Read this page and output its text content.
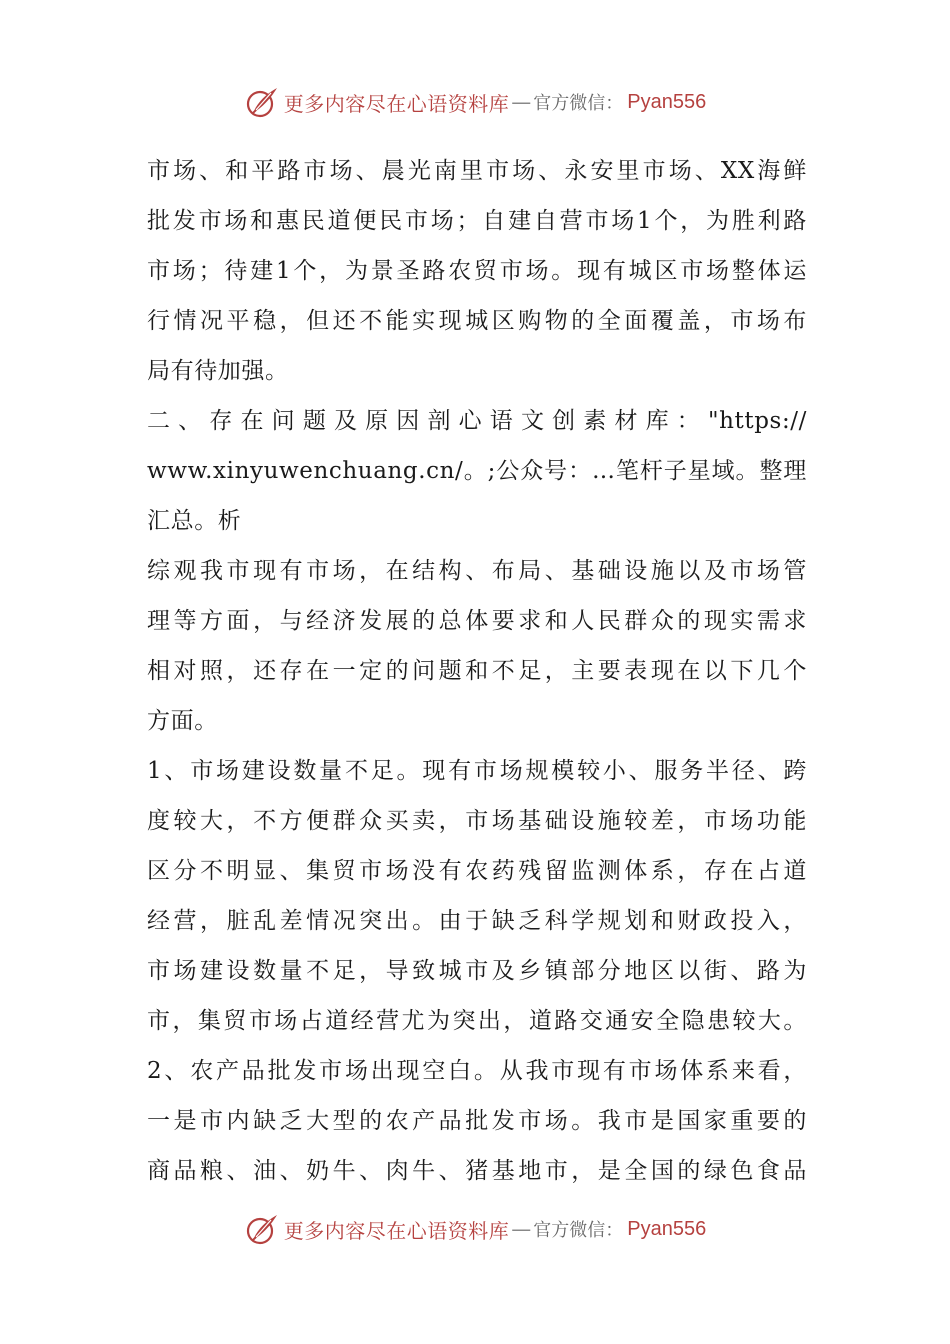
更多内容尽在心语资料库 — 官方微信： Pyan556
市场、和平路市场、晨光南里市场、永安里市场、XX海鲜
批发市场和惠民道便民市场；自建自营市场1个，为胜利路
市场；待建1个，为景圣路农贸市场。现有城区市场整体运
行情况平稳，但还不能实现城区购物的全面覆盖，市场布
局有待加强。
二、存在问题及原因剖心语文创素材库："https://
www.xinyuwenchuang.cn/。;公众号：…笔杆子星域。整理
汇总。析
综观我市现有市场，在结构、布局、基础设施以及市场管
理等方面，与经济发展的总体要求和人民群众的现实需求
相对照，还存在一定的问题和不足，主要表现在以下几个
方面。
1、市场建设数量不足。现有市场规模较小、服务半径、跨
度较大，不方便群众买卖，市场基础设施较差，市场功能
区分不明显、集贸市场没有农药残留监测体系，存在占道
经营，脏乱差情况突出。由于缺乏科学规划和财政投入，
市场建设数量不足，导致城市及乡镇部分地区以街、路为
市，集贸市场占道经营尤为突出，道路交通安全隐患较大。
2、农产品批发市场出现空白。从我市现有市场体系来看，
一是市内缺乏大型的农产品批发市场。我市是国家重要的
商品粮、油、奶牛、肉牛、猪基地市，是全国的绿色食品
更多内容尽在心语资料库 — 官方微信： Pyan556
